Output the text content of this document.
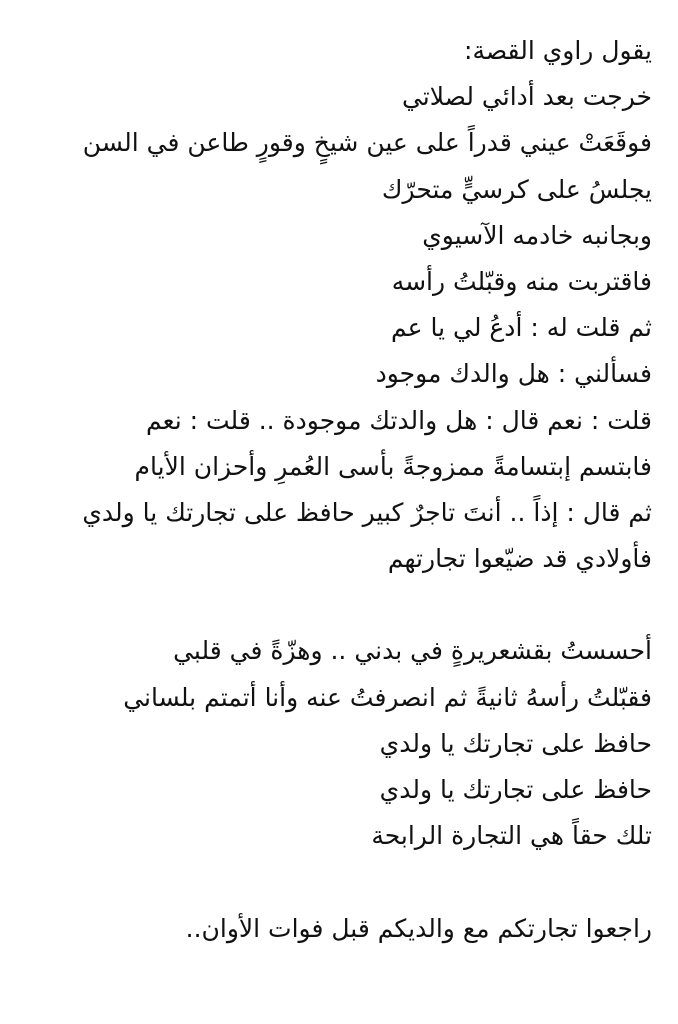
يقول راوي القصة:
خرجت بعد أدائي لصلاتي
فوقَعَتْ عيني قدراً على عين شيخٍ وقورٍ طاعن في السن
يجلسُ على كرسيٍّ متحرّك
وبجانبه خادمه الآسيوي
فاقتربت منه وقبّلتُ رأسه
ثم قلت له : أدعُ لي يا عم
فسألني : هل والدك موجود
قلت : نعم قال : هل والدتك موجودة .. قلت : نعم
فابتسم إبتسامةً ممزوجةً بأسى العُمرِ وأحزان الأيام
ثم قال : إذاً .. أنتَ تاجرٌ كبير حافظ على تجارتك يا ولدي
فأولادي قد ضيّعوا تجارتهم
أحسستُ بقشعريرةٍ في بدني .. وهزّةً في قلبي
فقبّلتُ رأسهُ ثانيةً ثم انصرفتُ عنه وأنا أتمتم بلساني
حافظ على تجارتك يا ولدي
حافظ على تجارتك يا ولدي
تلك حقاً هي التجارة الرابحة
راجعوا تجارتكم مع والديكم قبل فوات الأوان..
